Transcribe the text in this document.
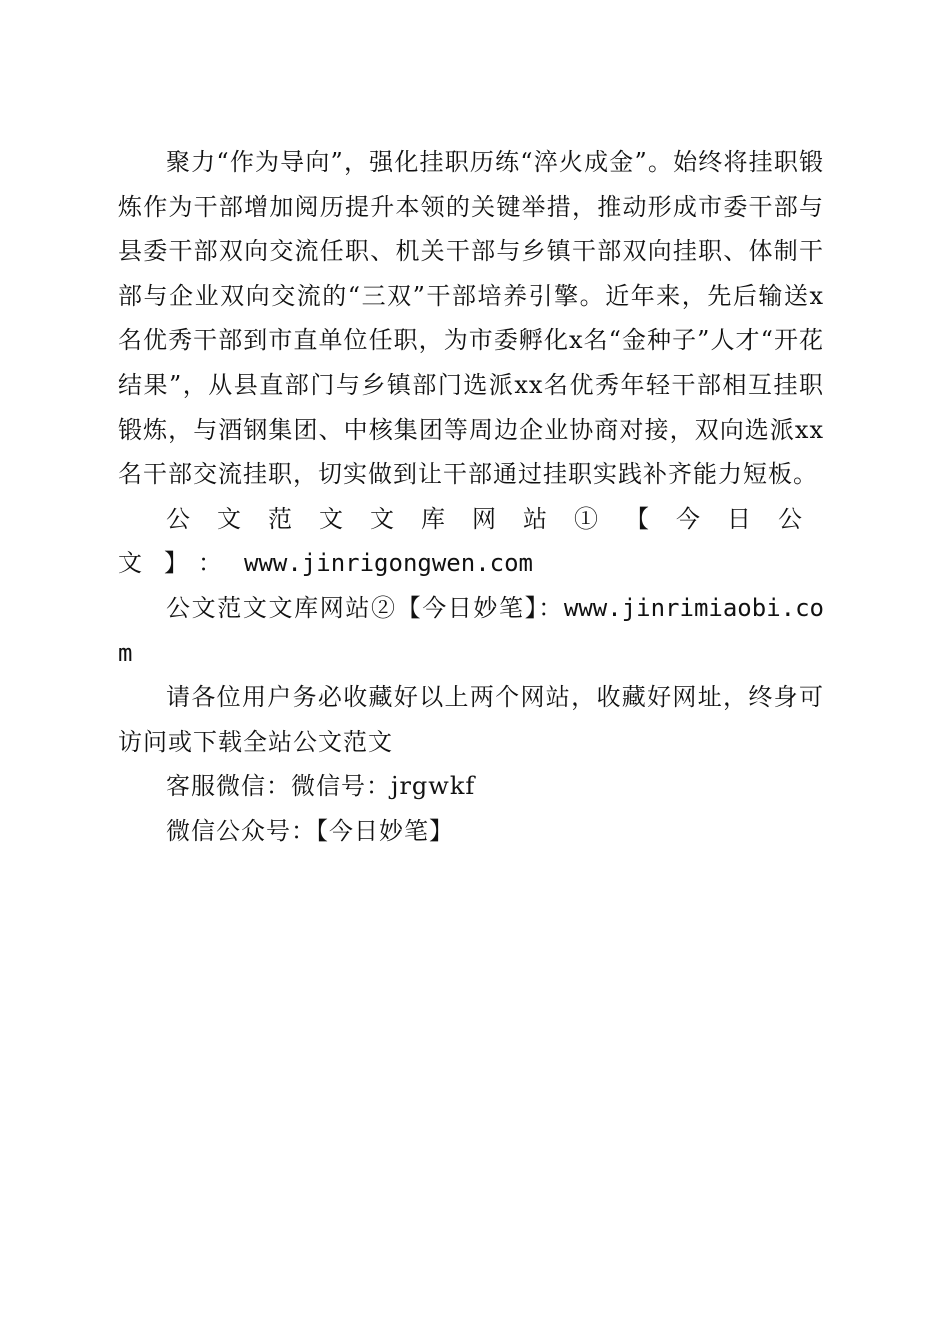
聚力“作为导向”，强化挂职历练“淬火成金”。始终将挂职锻炼作为干部增加阅历提升本领的关键举措，推动形成市委干部与县委干部双向交流任职、机关干部与乡镇干部双向挂职、体制干部与企业双向交流的“三双”干部培养引擎。近年来，先后输送x名优秀干部到市直单位任职，为市委孵化x名“金种子”人才“开花结果”，从县直部门与乡镇部门选派xx名优秀年轻干部相互挂职锻炼，与酒钢集团、中核集团等周边企业协商对接，双向选派xx名干部交流挂职，切实做到让干部通过挂职实践补齐能力短板。

公文范文文库网站①【今日公文】：www.jinrigongwen.com

公文范文文库网站②【今日妙笔】：www.jinrimiaobi.com

请各位用户务必收藏好以上两个网站，收藏好网址，终身可访问或下载全站公文范文

客服微信：微信号：jrgwkf

微信公众号：【今日妙笔】
